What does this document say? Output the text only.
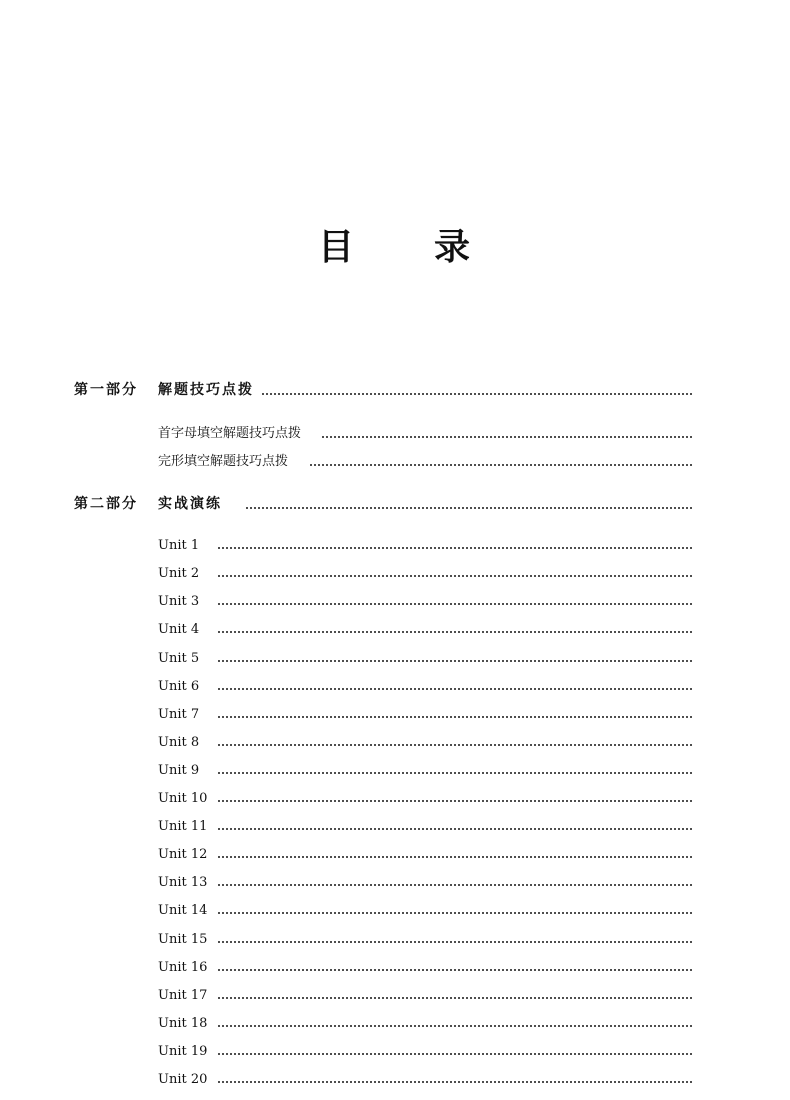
目 录
第一部分 解题技巧点拨
首字母填空解题技巧点拨
完形填空解题技巧点拨
第二部分 实战演练
Unit 1
Unit 2
Unit 3
Unit 4
Unit 5
Unit 6
Unit 7
Unit 8
Unit 9
Unit 10
Unit 11
Unit 12
Unit 13
Unit 14
Unit 15
Unit 16
Unit 17
Unit 18
Unit 19
Unit 20
